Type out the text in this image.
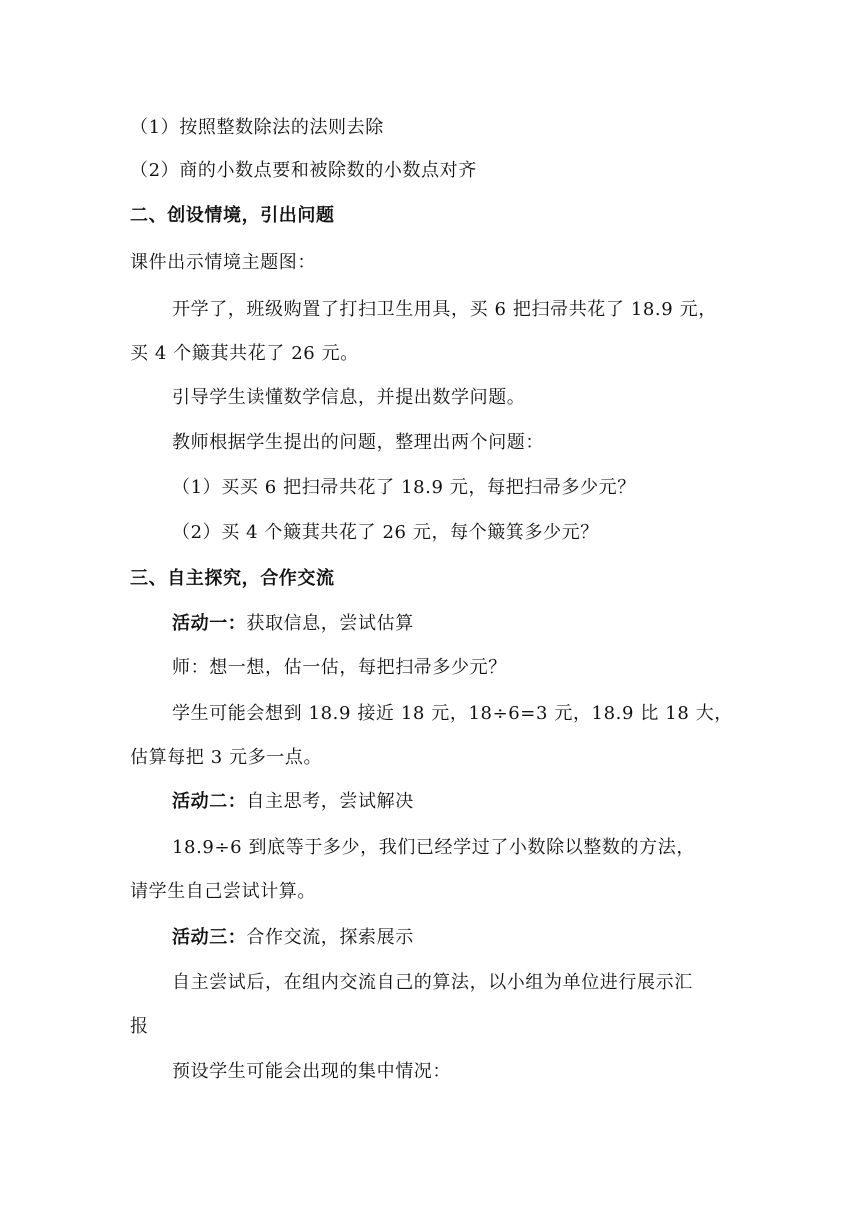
（1）按照整数除法的法则去除
（2）商的小数点要和被除数的小数点对齐
二、创设情境，引出问题
课件出示情境主题图：
开学了，班级购置了打扫卫生用具，买 6 把扫帚共花了 18.9 元，
买 4 个簸萁共花了 26 元。
引导学生读懂数学信息，并提出数学问题。
教师根据学生提出的问题，整理出两个问题：
（1）买买 6 把扫帚共花了 18.9 元，每把扫帚多少元？
（2）买 4 个簸萁共花了 26 元，每个簸箕多少元？
三、自主探究，合作交流
活动一：获取信息，尝试估算
师：想一想，估一估，每把扫帚多少元？
学生可能会想到 18.9 接近 18 元，18÷6=3 元，18.9 比 18 大，
估算每把 3 元多一点。
活动二：自主思考，尝试解决
18.9÷6 到底等于多少，我们已经学过了小数除以整数的方法，
请学生自己尝试计算。
活动三：合作交流，探索展示
自主尝试后，在组内交流自己的算法，以小组为单位进行展示汇
报
预设学生可能会出现的集中情况：
